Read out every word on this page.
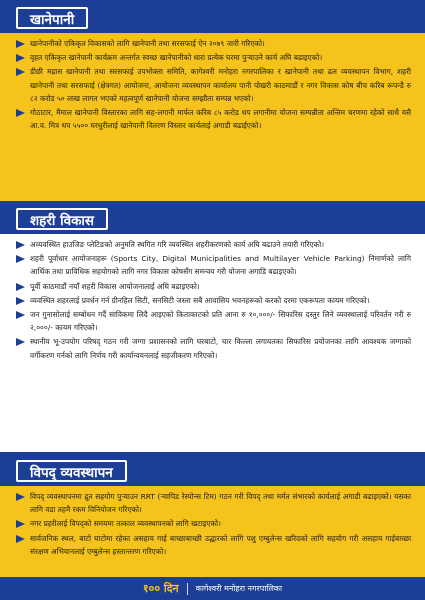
खानेपानी
खानेपानीको एकिकृत विकासको लागि खानेपानी तथा सरसफाई ऐन २०७९ जारी गरिएको।
वृहत एकिकृत खानेपानी कार्यक्रम अन्तर्गत स्वच्छ खानेपानीको धारा प्रत्येक घरमा पुऱ्याउने कार्य अघि बढाइएको।
डीछी मद्रास खानेपानी तथा सरसफाई उपभोक्ता समिति, कागेश्वरी मनोहरा नगरपालिका र खानेपानी तथा ढल व्यवस्थापन विभाग, शहरी खानेपानी तथा सरसफाई (क्षेत्रगत) आयोजना, आयोजना व्यवस्थापन कार्यालय पानी पोखरी काठमाडौं र नगर विकास कोष बीच करिब रूपन्डै रु ८२ करोड ५० लाख लागत भएको महत्वपूर्ण खानेपानी योजना सम्झौता सम्पन्न भएको।
गोठाटार, मैमाल खानेपानी विस्तारका लागि सह-लगानी मार्फत करिब ८५ करोड थप लगानीमा योजना सम्पन्नीता अन्तिम चरणमा रहेको साथै यसै आ.व. मित्र थप ५५०० घरधुरीलाई खानेपानी वितरण विस्तार कार्यलाई अगाडी बढाईएको।
शहरी विकास
अव्यवस्थित हाउजिङ प्लेटिङको अनुमति स्थगित गरि व्यवस्थित शहरीकरणको कार्य अघि बढाउने तयारी गरिएको।
शहरी पूर्वाधार आयोजनाहरू (Sports City, Digital Municipalities and Multilayer Vehicle Parking) निमार्णको लागि आर्थिक तथा प्राविधिक सहयोगको लागि नगर विकास कोषसँग समन्वय गरी योजना अगाडि बढाइएको।
पूर्वी काठमाडौं नयाँ शहरी विकास आयोजनालाई अघि बढाइएको।
व्यवस्थित शहरलाई प्रवर्धन गर्न ग्रीनहिल सिटी, सनसिटी जस्ता सबै आवासिय भवनहरूको करको दरमा एकरूपता कायम गरिएको।
जन गुनासोलाई सम्बोधन गर्दै साविकमा लिदै आइएको किताकाटको प्रति आना रु १०,०००/- सिफारिस दस्तुर लिने व्यवस्थालाई परिवर्तन गरी रु २,०००/- कायम गरिएको।
स्थानीय भू-उपयोग परिषद् गठन गरी जग्गा प्रशासनको लागि घरबाटो, चार किल्ला लगायतका सिफारिस प्रयोजनका लागि आवश्यक जग्गाको वर्गीकरण गर्नको लागि निर्णय गरी कार्यान्वयनलाई सहजीकरण गरिएको।
विपद् व्यवस्थापन
विपद् व्यवस्थापनमा द्रुत सहयोग पुऱ्याउन RRT (ऱ्यापिड रेस्पोन्स टिम) गठन गरी विपद् तथा मर्मत संभारको कार्यलाई अगाडी बढाइएको। यसका लागि वडा तहमै रकम विनियोजन गरिएको।
नगर प्रहरीलाई विपद्को समयमा तत्काल व्यवस्थापनको लागि खटाइएको।
सार्वजनिक स्थल, बाटो घाटोमा रहेका असहाय गाई बाच्छाबाच्छी उद्धारको लागि पशु एम्बुलेन्स खरिदको लागि सहयोग गरी असहाय गाईबाच्छा संरक्षण अभियानलाई एम्बुलेन्स हस्तान्तरण गरिएको।
१०० दिन कागेश्वरी मनोहरा नगरपालिका
